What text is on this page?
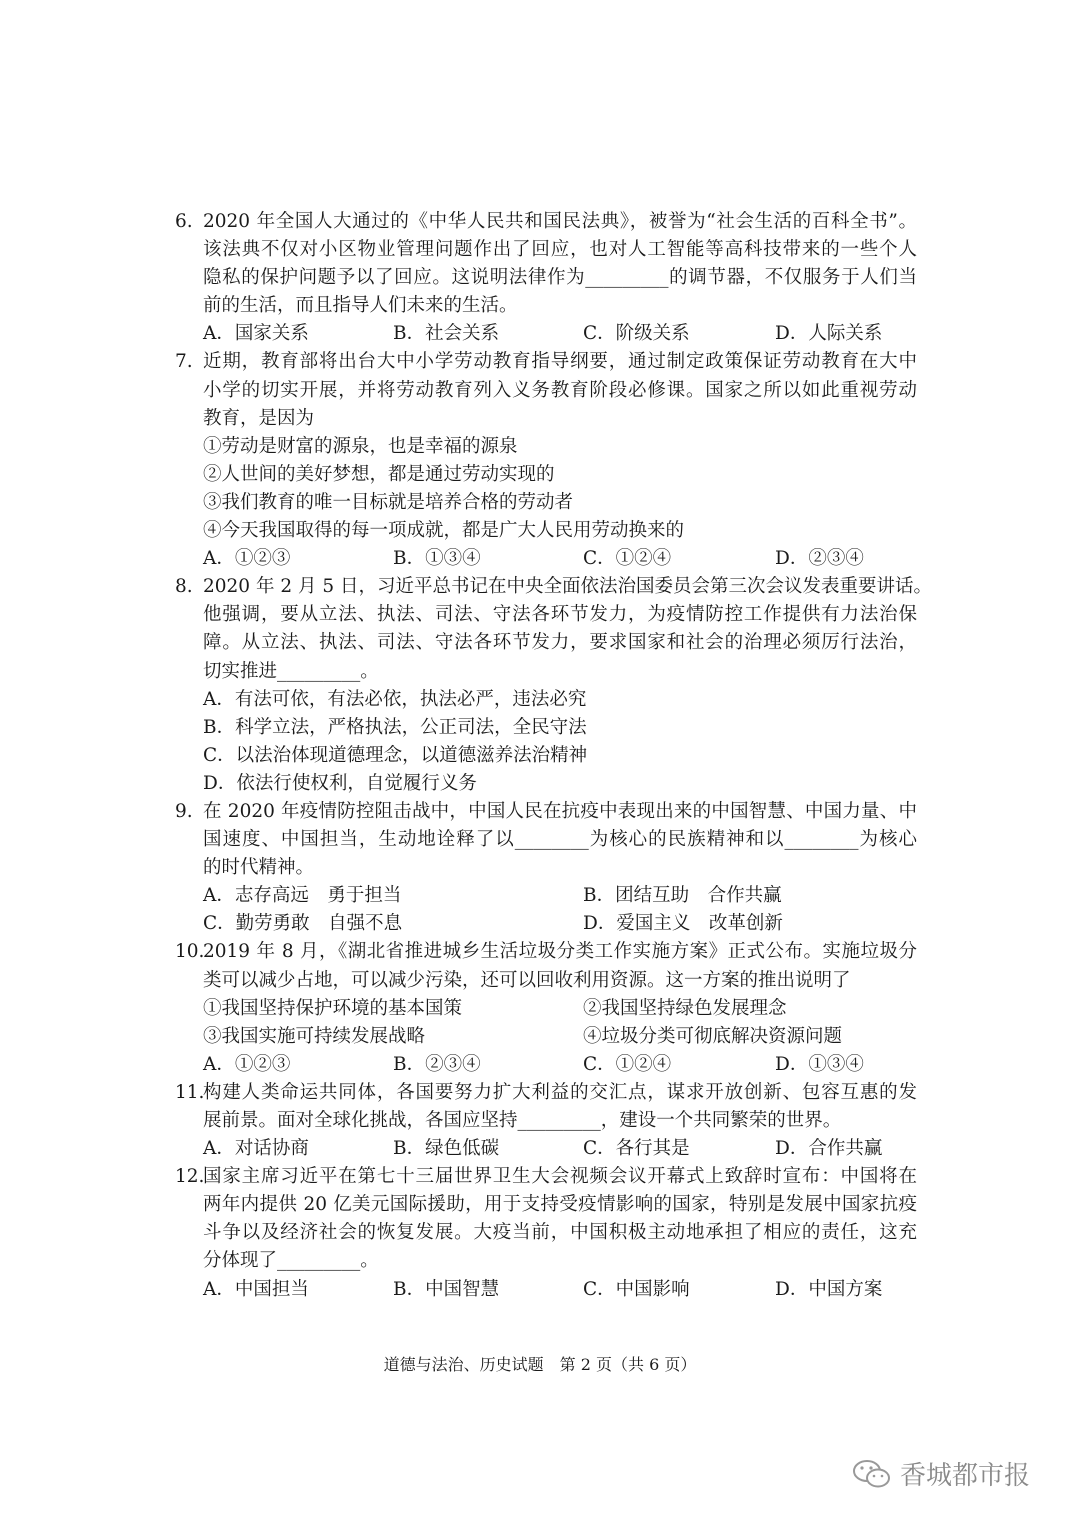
6. 2020 年全国人大通过的《中华人民共和国民法典》，被誉为“社会生活的百科全书”。
该法典不仅对小区物业管理问题作出了回应，也对人工智能等高科技带来的一些个人
隐私的保护问题予以了回应。这说明法律作为_________的调节器，不仅服务于人们当
前的生活，而且指导人们未来的生活。
A．国家关系	B．社会关系	C．阶级关系	D．人际关系
7. 近期，教育部将出台大中小学劳动教育指导纲要，通过制定政策保证劳动教育在大中
小学的切实开展，并将劳动教育列入义务教育阶段必修课。国家之所以如此重视劳动
教育，是因为
①劳动是财富的源泉，也是幸福的源泉
②人世间的美好梦想，都是通过劳动实现的
③我们教育的唯一目标就是培养合格的劳动者
④今天我国取得的每一项成就，都是广大人民用劳动换来的
A．①②③	B．①③④	C．①②④	D．②③④
8. 2020 年 2 月 5 日，习近平总书记在中央全面依法治国委员会第三次会议发表重要讲话。
他强调，要从立法、执法、司法、守法各环节发力，为疫情防控工作提供有力法治保
障。从立法、执法、司法、守法各环节发力，要求国家和社会的治理必须厉行法治，
切实推进_________。
A．有法可依，有法必依，执法必严，违法必究
B．科学立法，严格执法，公正司法，全民守法
C．以法治体现道德理念，以道德滋养法治精神
D．依法行使权利，自觉履行义务
9. 在 2020 年疫情防控阻击战中，中国人民在抗疫中表现出来的中国智慧、中国力量、中
国速度、中国担当，生动地诠释了以________为核心的民族精神和以________为核心
的时代精神。
A．志存高远　勇于担当	B．团结互助　合作共赢
C．勤劳勇敢　自强不息	D．爱国主义　改革创新
10.
2019 年 8 月，《湖北省推进城乡生活垃圾分类工作实施方案》正式公布。实施垃圾分
类可以减少占地，可以减少污染，还可以回收利用资源。这一方案的推出说明了
①我国坚持保护环境的基本国策	②我国坚持绿色发展理念
③我国实施可持续发展战略	④垃圾分类可彻底解决资源问题
A．①②③	B．②③④	C．①②④	D．①③④
11.
构建人类命运共同体，各国要努力扩大利益的交汇点，谋求开放创新、包容互惠的发
展前景。面对全球化挑战，各国应坚持_________，建设一个共同繁荣的世界。
A．对话协商	B．绿色低碳	C．各行其是	D．合作共赢
12.
国家主席习近平在第七十三届世界卫生大会视频会议开幕式上致辞时宣布：中国将在
两年内提供 20 亿美元国际援助，用于支持受疫情影响的国家，特别是发展中国家抗疫
斗争以及经济社会的恢复发展。大疫当前，中国积极主动地承担了相应的责任，这充
分体现了_________。
A．中国担当	B．中国智慧	C．中国影响	D．中国方案
道德与法治、历史试题　第 2 页（共 6 页）
香城都市报
